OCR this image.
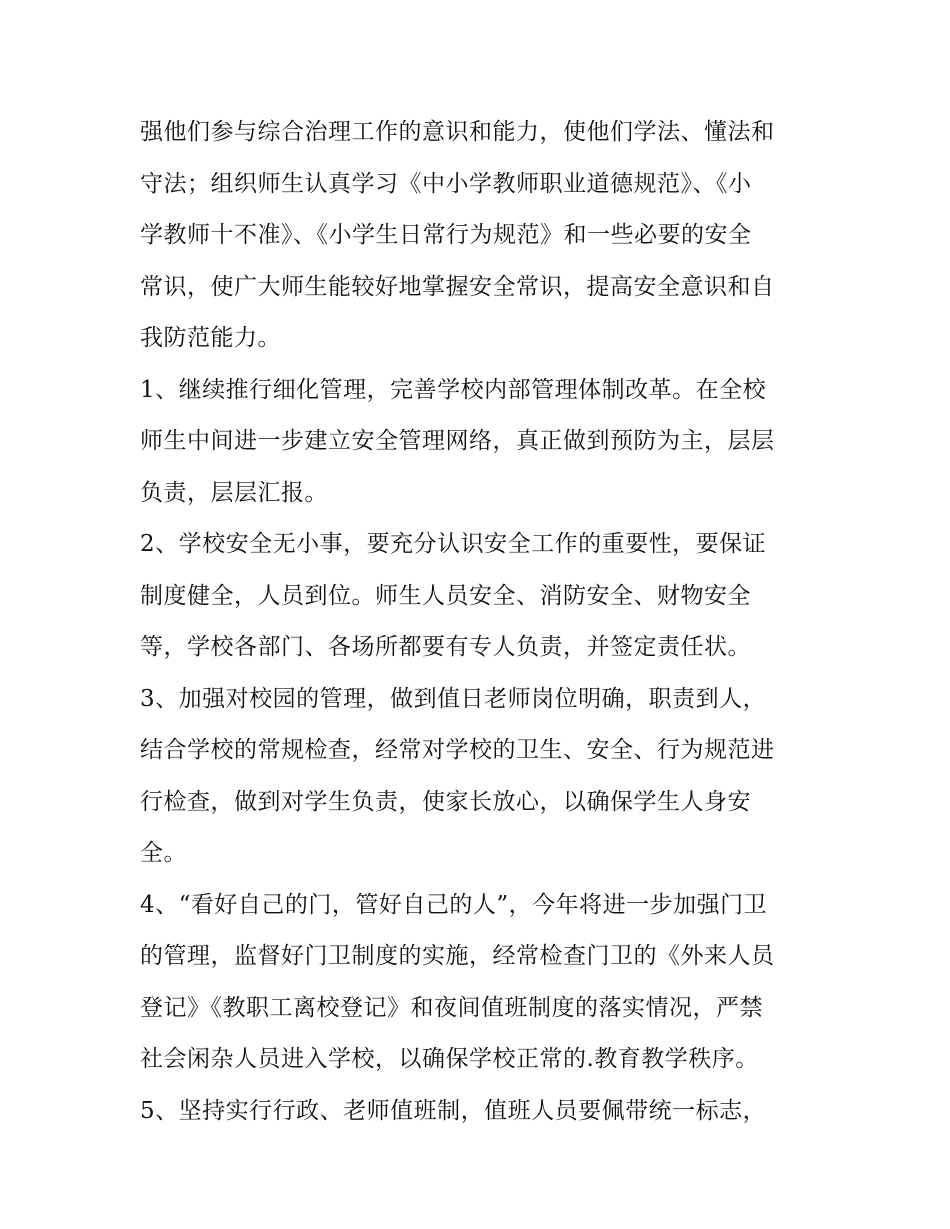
强他们参与综合治理工作的意识和能力，使他们学法、懂法和
守法；组织师生认真学习《中小学教师职业道德规范》、《小
学教师十不准》、《小学生日常行为规范》和一些必要的安全
常识，使广大师生能较好地掌握安全常识，提高安全意识和自
我防范能力。
1、继续推行细化管理，完善学校内部管理体制改革。在全校
师生中间进一步建立安全管理网络，真正做到预防为主，层层
负责，层层汇报。
2、学校安全无小事，要充分认识安全工作的重要性，要保证
制度健全，人员到位。师生人员安全、消防安全、财物安全
等，学校各部门、各场所都要有专人负责，并签定责任状。
3、加强对校园的管理，做到值日老师岗位明确，职责到人，
结合学校的常规检查，经常对学校的卫生、安全、行为规范进
行检查，做到对学生负责，使家长放心，以确保学生人身安
全。
4、“看好自己的门，管好自己的人”，今年将进一步加强门卫
的管理，监督好门卫制度的实施，经常检查门卫的《外来人员
登记》《教职工离校登记》和夜间值班制度的落实情况，严禁
社会闲杂人员进入学校，以确保学校正常的.教育教学秩序。
5、坚持实行行政、老师值班制，值班人员要佩带统一标志，
